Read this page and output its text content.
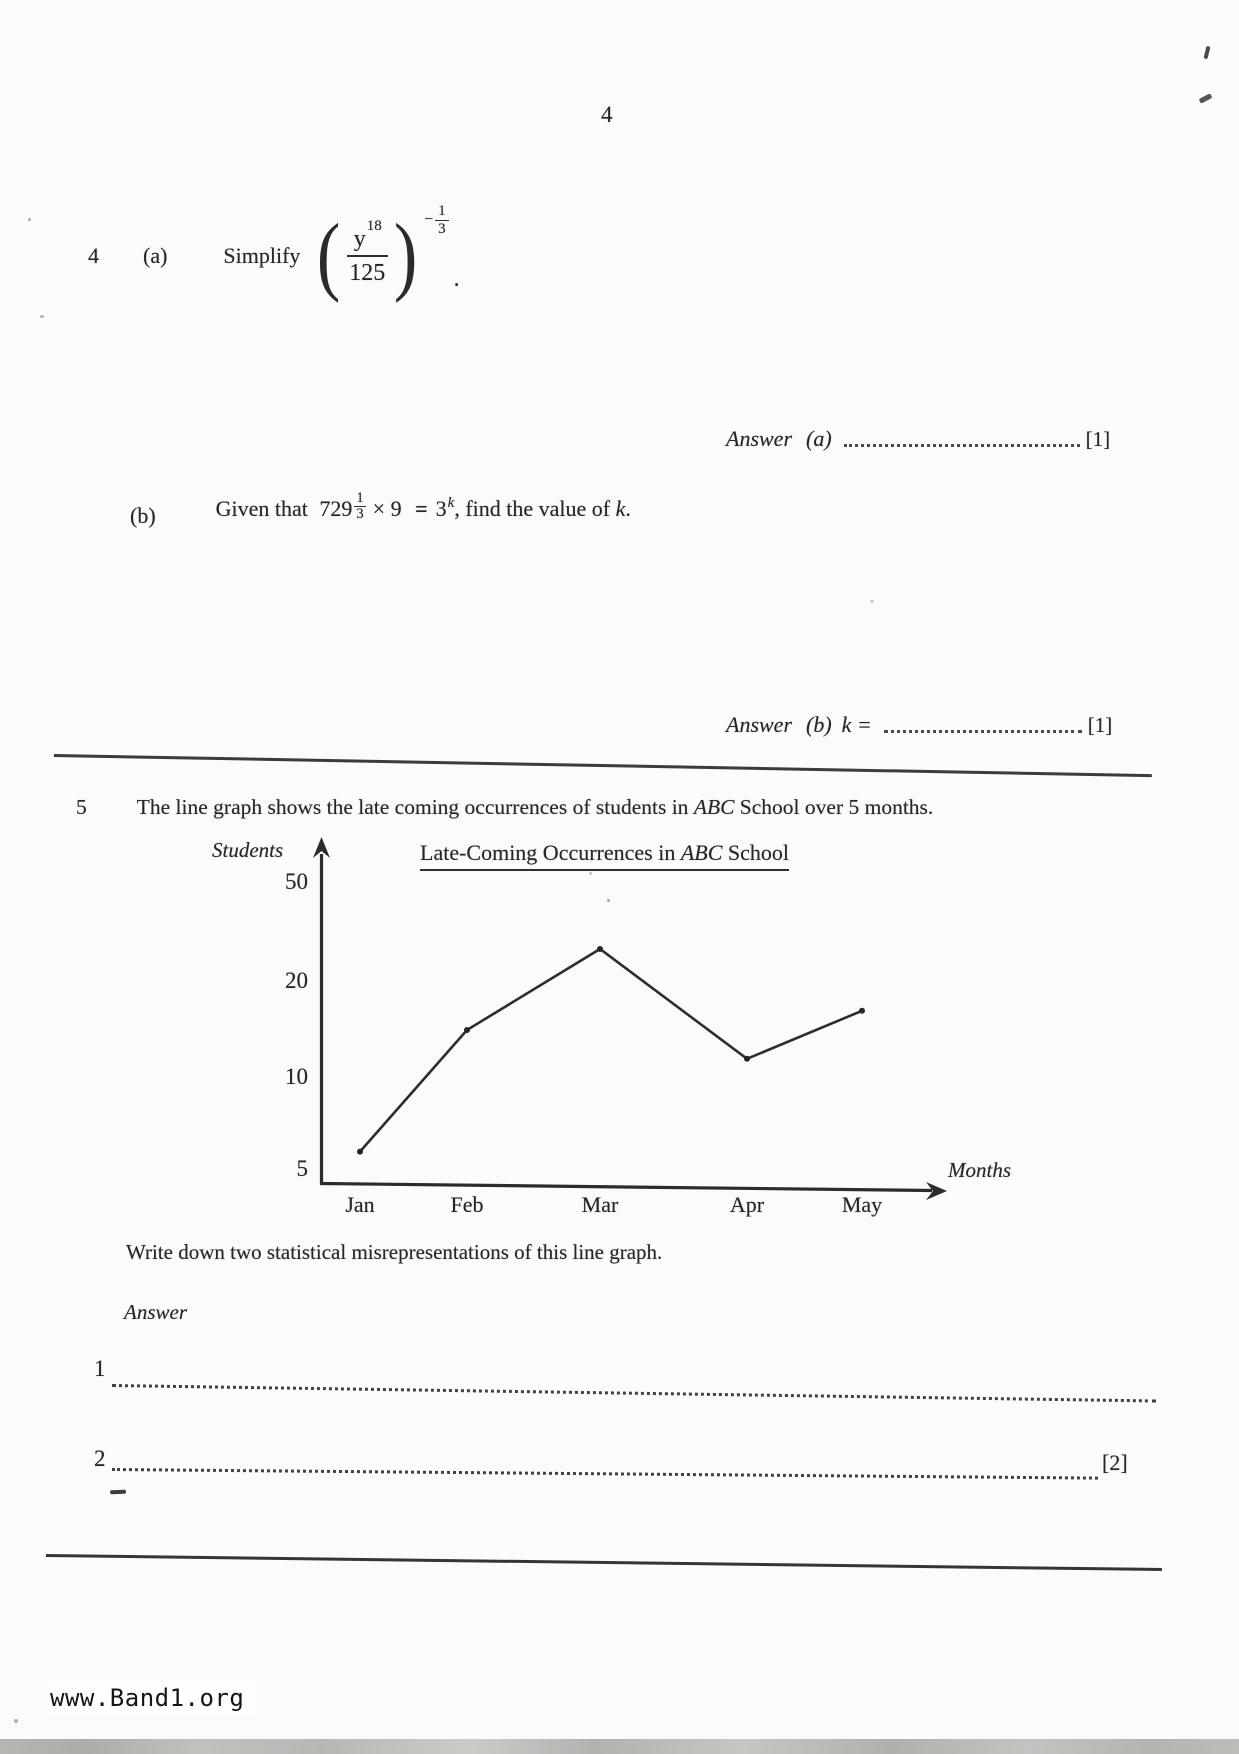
4
4 (a)	Simplify ( $\frac{y^{18}}{125}$ ) − $\frac{1}{3}$
.
Answer (a)	[1]
(b)	Given that $729 \frac{1}{3} \times 9 = 3k$, find the value of k.
Answer (b) k =	[1]
5 The line graph shows the late coming occurrences of students in ABC School over 5 months.
Students	Late-Coming Occurrences in ABC School
Months
5
10
20
50
Jan	Feb	Mar	Apr	May
Write down two statistical misrepresentations of this line graph.
Answer
1
2	[2]
www.Band1.org
